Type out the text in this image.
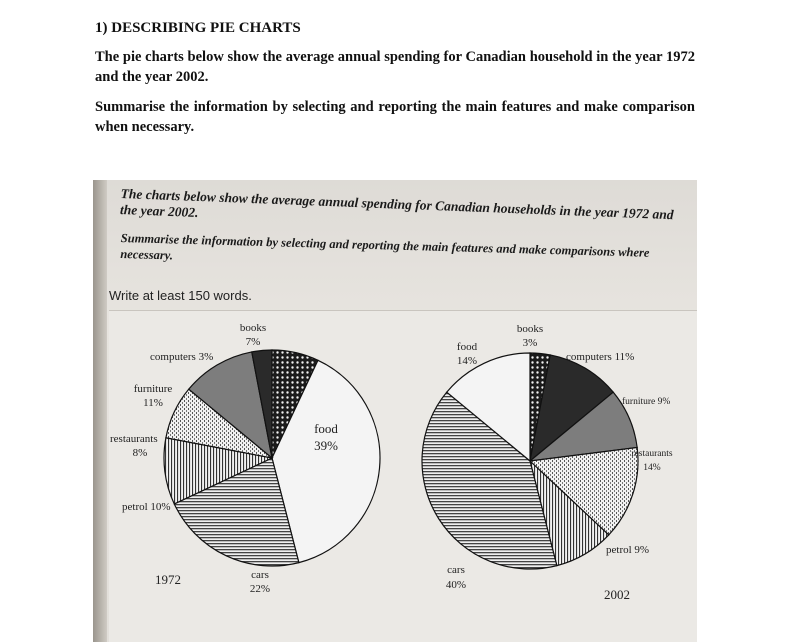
1) DESCRIBING PIE CHARTS
The pie charts below show the average annual spending for Canadian household in the year 1972 and the year 2002.
Summarise the information by selecting and reporting the main features and make comparison when necessary.
The charts below show the average annual spending for Canadian households in the year 1972 and the year 2002.
Summarise the information by selecting and reporting the main features and make comparisons where necessary.
Write at least 150 words.
books
7%
food
39%
cars
22%
petrol 10%
restaurants
8%
furniture
11%
computers 3%
1972
books
3%
computers 11%
furniture 9%
restaurants
14%
petrol 9%
cars
40%
food
14%
2002
